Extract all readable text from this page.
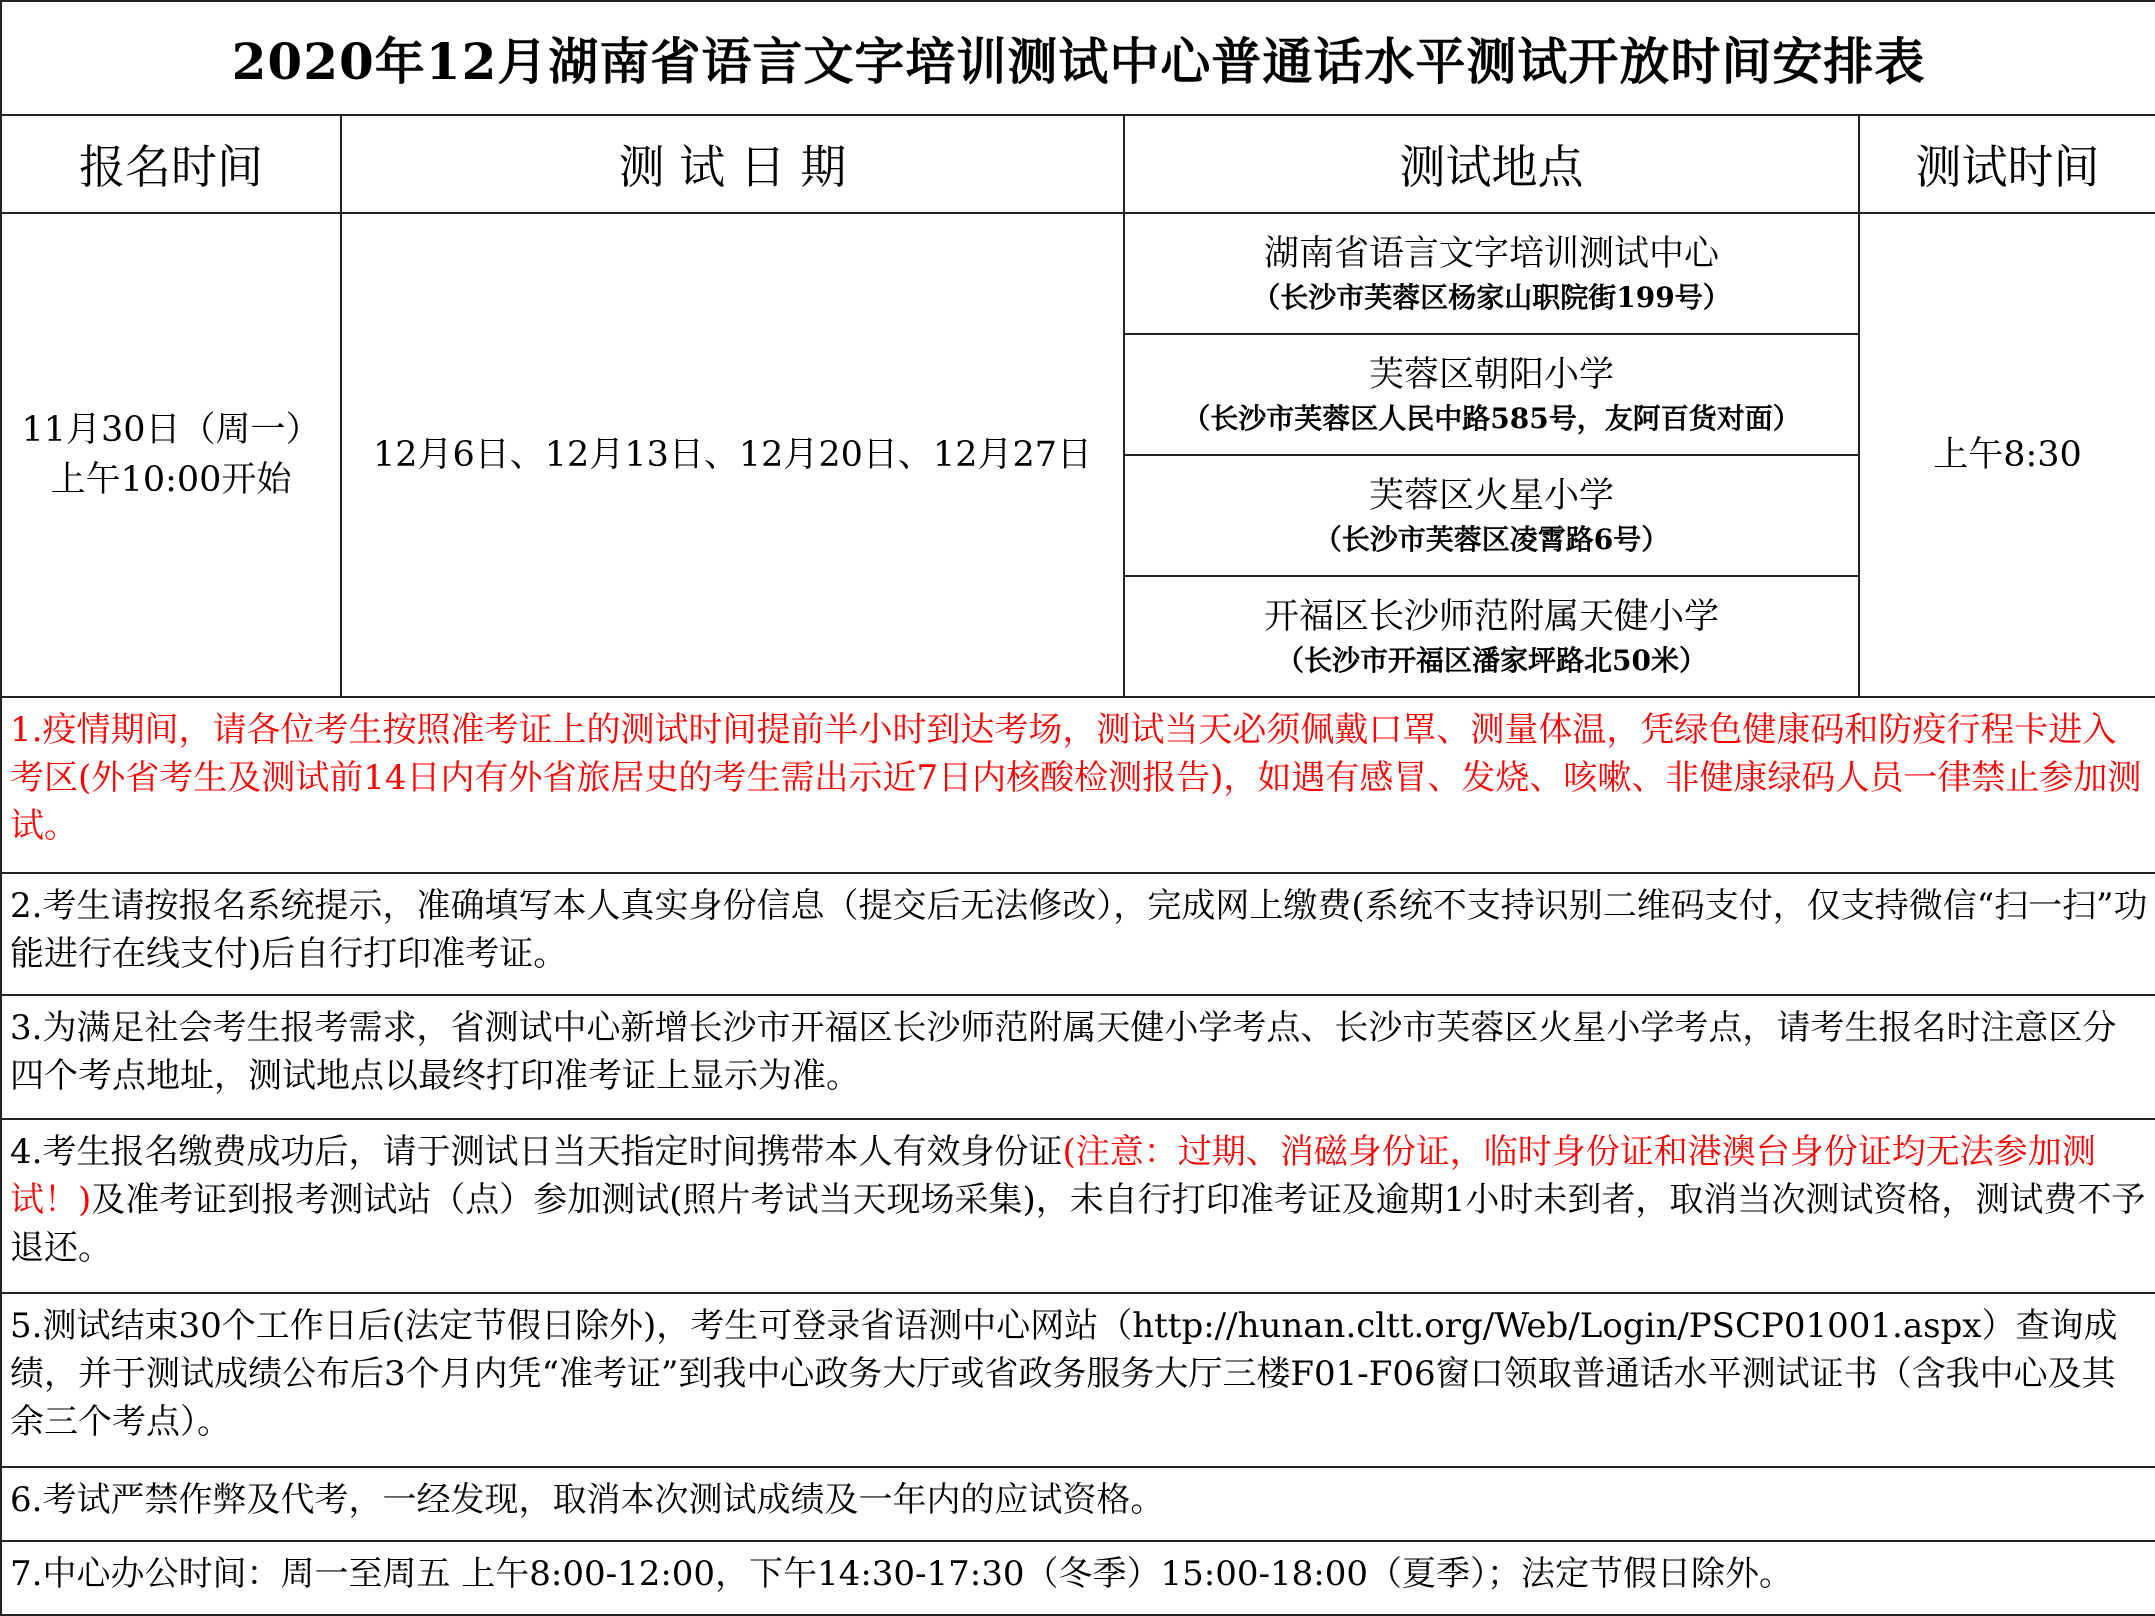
2020年12月湖南省语言文字培训测试中心普通话水平测试开放时间安排表			
报名时间	测 试 日 期	测试地点	测试时间

11月30日（周一）
上午10:00开始	12月6日、12月13日、12月20日、12月27日	湖南省语言文字培训测试中心
（长沙市芙蓉区杨家山职院街199号）	上午8:30

		芙蓉区朝阳小学
（长沙市芙蓉区人民中路585号，友阿百货对面）	

		芙蓉区火星小学
（长沙市芙蓉区凌霄路6号）	

		开福区长沙师范附属天健小学
（长沙市开福区潘家坪路北50米）	

1.疫情期间，请各位考生按照准考证上的测试时间提前半小时到达考场，测试当天必须佩戴口罩、测量体温，凭绿色健康码和防疫行程卡进入考区(外省考生及测试前14日内有外省旅居史的考生需出示近7日内核酸检测报告)，如遇有感冒、发烧、咳嗽、非健康绿码人员一律禁止参加测试。			
2.考生请按报名系统提示，准确填写本人真实身份信息（提交后无法修改），完成网上缴费(系统不支持识别二维码支付，仅支持微信“扫一扫”功能进行在线支付)后自行打印准考证。			
3.为满足社会考生报考需求，省测试中心新增长沙市开福区长沙师范附属天健小学考点、长沙市芙蓉区火星小学考点，请考生报名时注意区分四个考点地址，测试地点以最终打印准考证上显示为准。			
4.考生报名缴费成功后，请于测试日当天指定时间携带本人有效身份证(注意：过期、消磁身份证，临时身份证和港澳台身份证均无法参加测试！)及准考证到报考测试站（点）参加测试(照片考试当天现场采集)，未自行打印准考证及逾期1小时未到者，取消当次测试资格，测试费不予退还。			
5.测试结束30个工作日后(法定节假日除外)，考生可登录省语测中心网站（http://hunan.cltt.org/Web/Login/PSCP01001.aspx）查询成绩，并于测试成绩公布后3个月内凭“准考证”到我中心政务大厅或省政务服务大厅三楼F01-F06窗口领取普通话水平测试证书（含我中心及其余三个考点）。			
6.考试严禁作弊及代考，一经发现，取消本次测试成绩及一年内的应试资格。			
7.中心办公时间：周一至周五 上午8:00-12:00，下午14:30-17:30（冬季）15:00-18:00（夏季）；法定节假日除外。			
